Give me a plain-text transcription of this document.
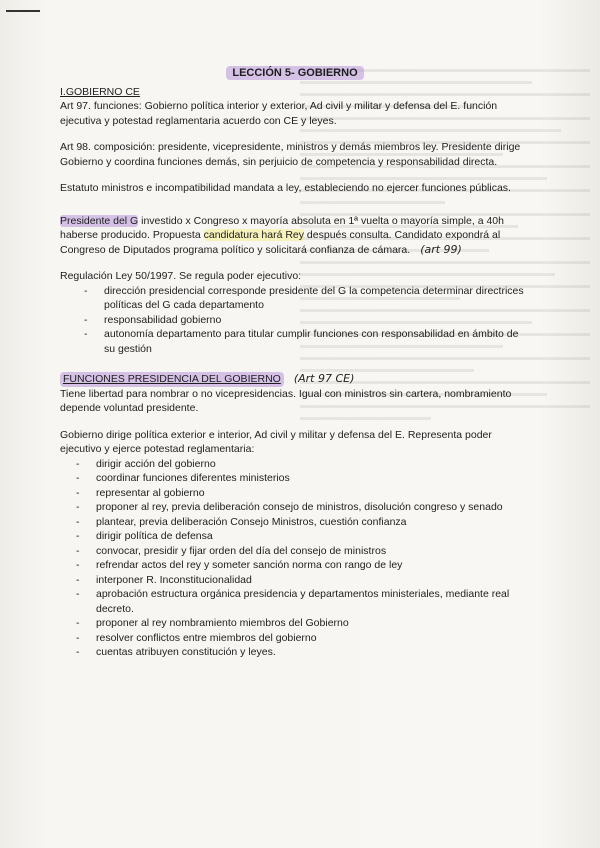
LECCIÓN 5- GOBIERNO
I.GOBIERNO CE

Art 97. funciones: Gobierno política interior y exterior, Ad civil y militar y defensa del E. función ejecutiva y potestad reglamentaria acuerdo con CE y leyes.

Art 98. composición: presidente, vicepresidente, ministros y demás miembros ley. Presidente dirige Gobierno y coordina funciones demás, sin perjuicio de competencia y responsabilidad directa.

Estatuto ministros e incompatibilidad mandata a ley, estableciendo no ejercer funciones públicas.

Presidente del G investido x Congreso x mayoría absoluta en 1ª vuelta o mayoría simple, a 40h haberse producido. Propuesta candidatura hará Rey después consulta. Candidato expondrá al Congreso de Diputados programa político y solicitará confianza de cámara. (art 99)

Regulación Ley 50/1997. Se regula poder ejecutivo:
- dirección presidencial corresponde presidente del G la competencia determinar directrices políticas del G cada departamento
- responsabilidad gobierno
- autonomía departamento para titular cumplir funciones con responsabilidad en ámbito de su gestión
FUNCIONES PRESIDENCIA DEL GOBIERNO (Art 97 CE)

Tiene libertad para nombrar o no vicepresidencias. Igual con ministros sin cartera, nombramiento depende voluntad presidente.

Gobierno dirige política exterior e interior, Ad civil y militar y defensa del E. Representa poder ejecutivo y ejerce potestad reglamentaria:
- dirigir acción del gobierno
- coordinar funciones diferentes ministerios
- representar al gobierno
- proponer al rey, previa deliberación consejo de ministros, disolución congreso y senado
- plantear, previa deliberación Consejo Ministros, cuestión confianza
- dirigir política de defensa
- convocar, presidir y fijar orden del día del consejo de ministros
- refrendar actos del rey y someter sanción norma con rango de ley
- interponer R. Inconstitucionalidad
- aprobación estructura orgánica presidencia y departamentos ministeriales, mediante real decreto.
- proponer al rey nombramiento miembros del Gobierno
- resolver conflictos entre miembros del gobierno
- cuentas atribuyen constitución y leyes.
